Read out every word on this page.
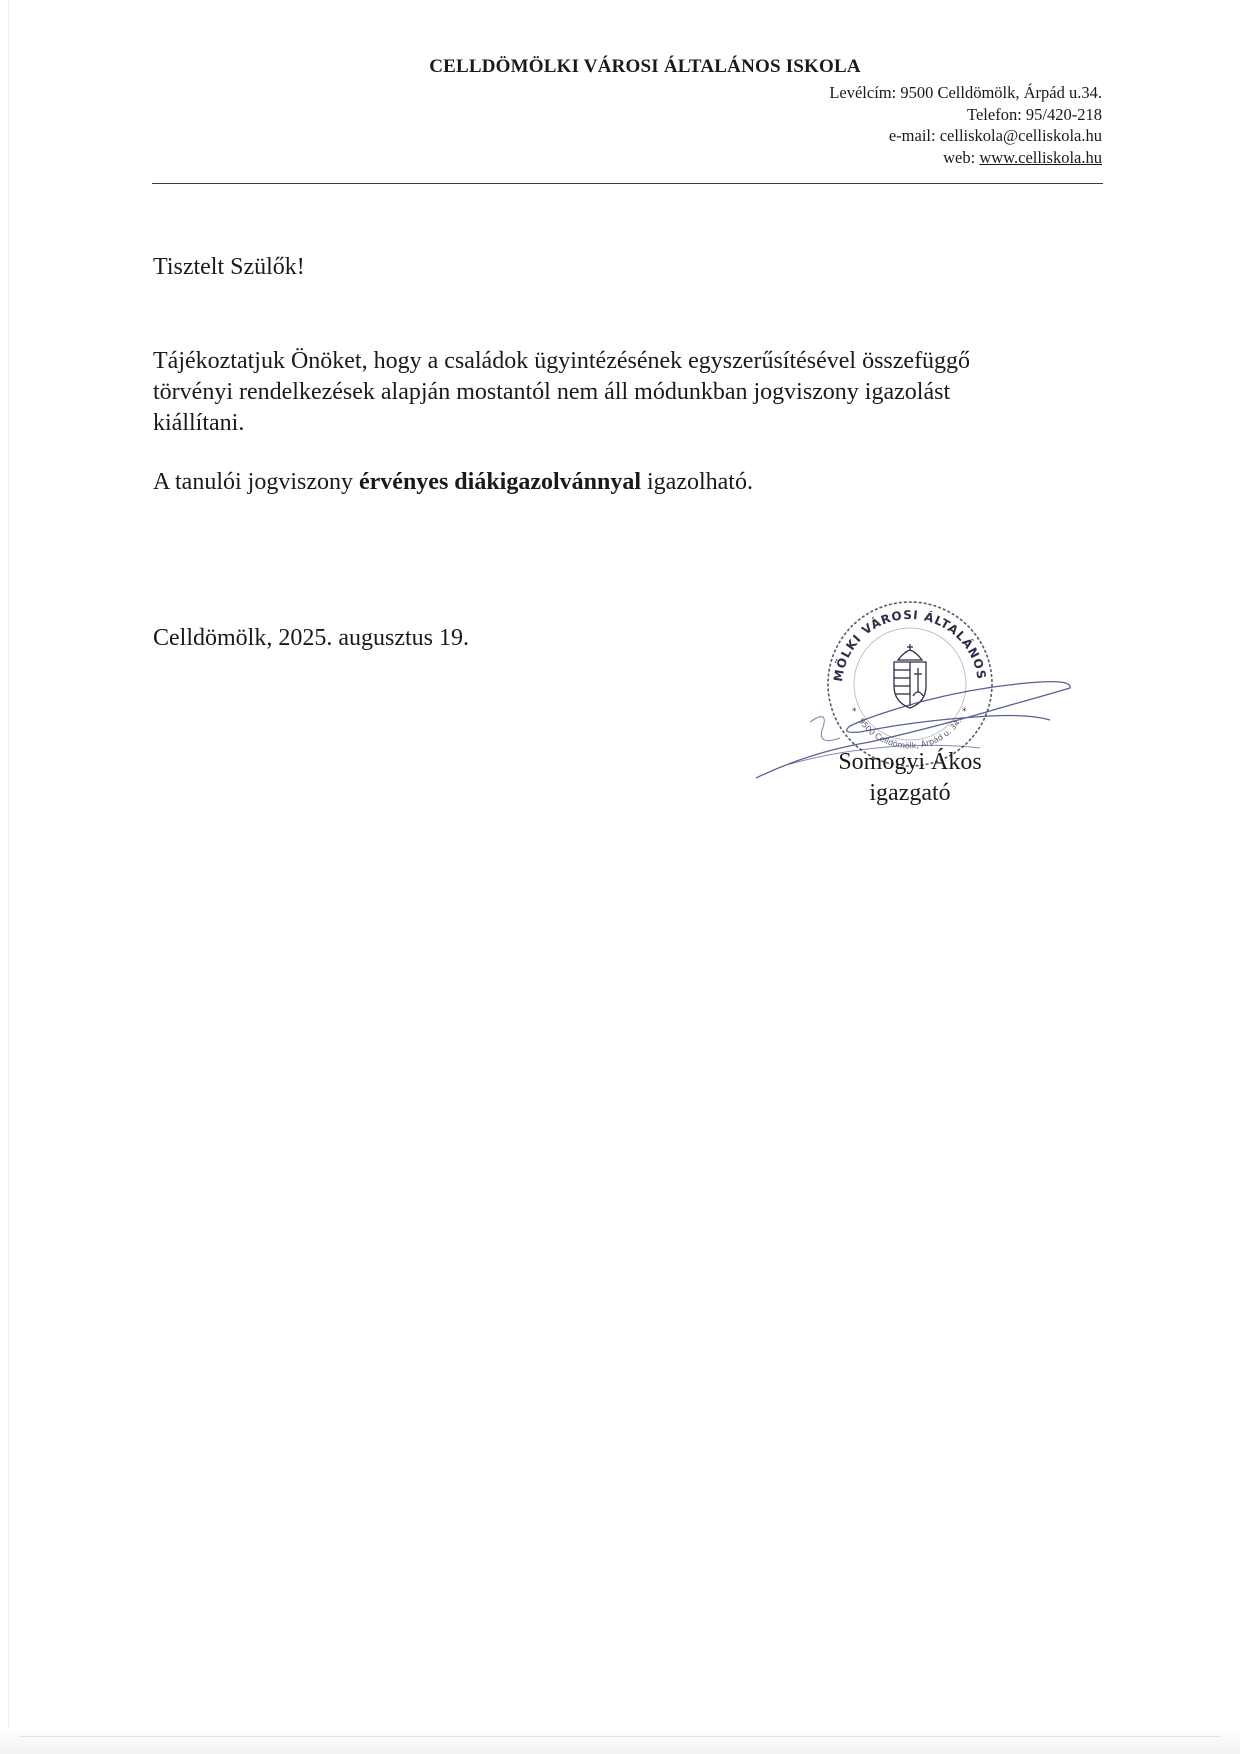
CELLDÖMÖLKI VÁROSI ÁLTALÁNOS ISKOLA
Levélcím: 9500 Celldömölk, Árpád u.34.
Telefon: 95/420-218
e-mail: celliskola@celliskola.hu
web: www.celliskola.hu
Tisztelt Szülők!
Tájékoztatjuk Önöket, hogy a családok ügyintézésének egyszerűsítésével összefüggő
törvényi rendelkezések alapján mostantól nem áll módunkban jogviszony igazolást
kiállítani.
A tanulói jogviszony érvényes diákigazolvánnyal igazolható.
Celldömölk, 2025. augusztus 19.
MÖLKI VÁROSI ÁLTALÁNOS
9500 Celldömölk, Árpád u. 34.
*	*
Somogyi Ákos
igazgató
